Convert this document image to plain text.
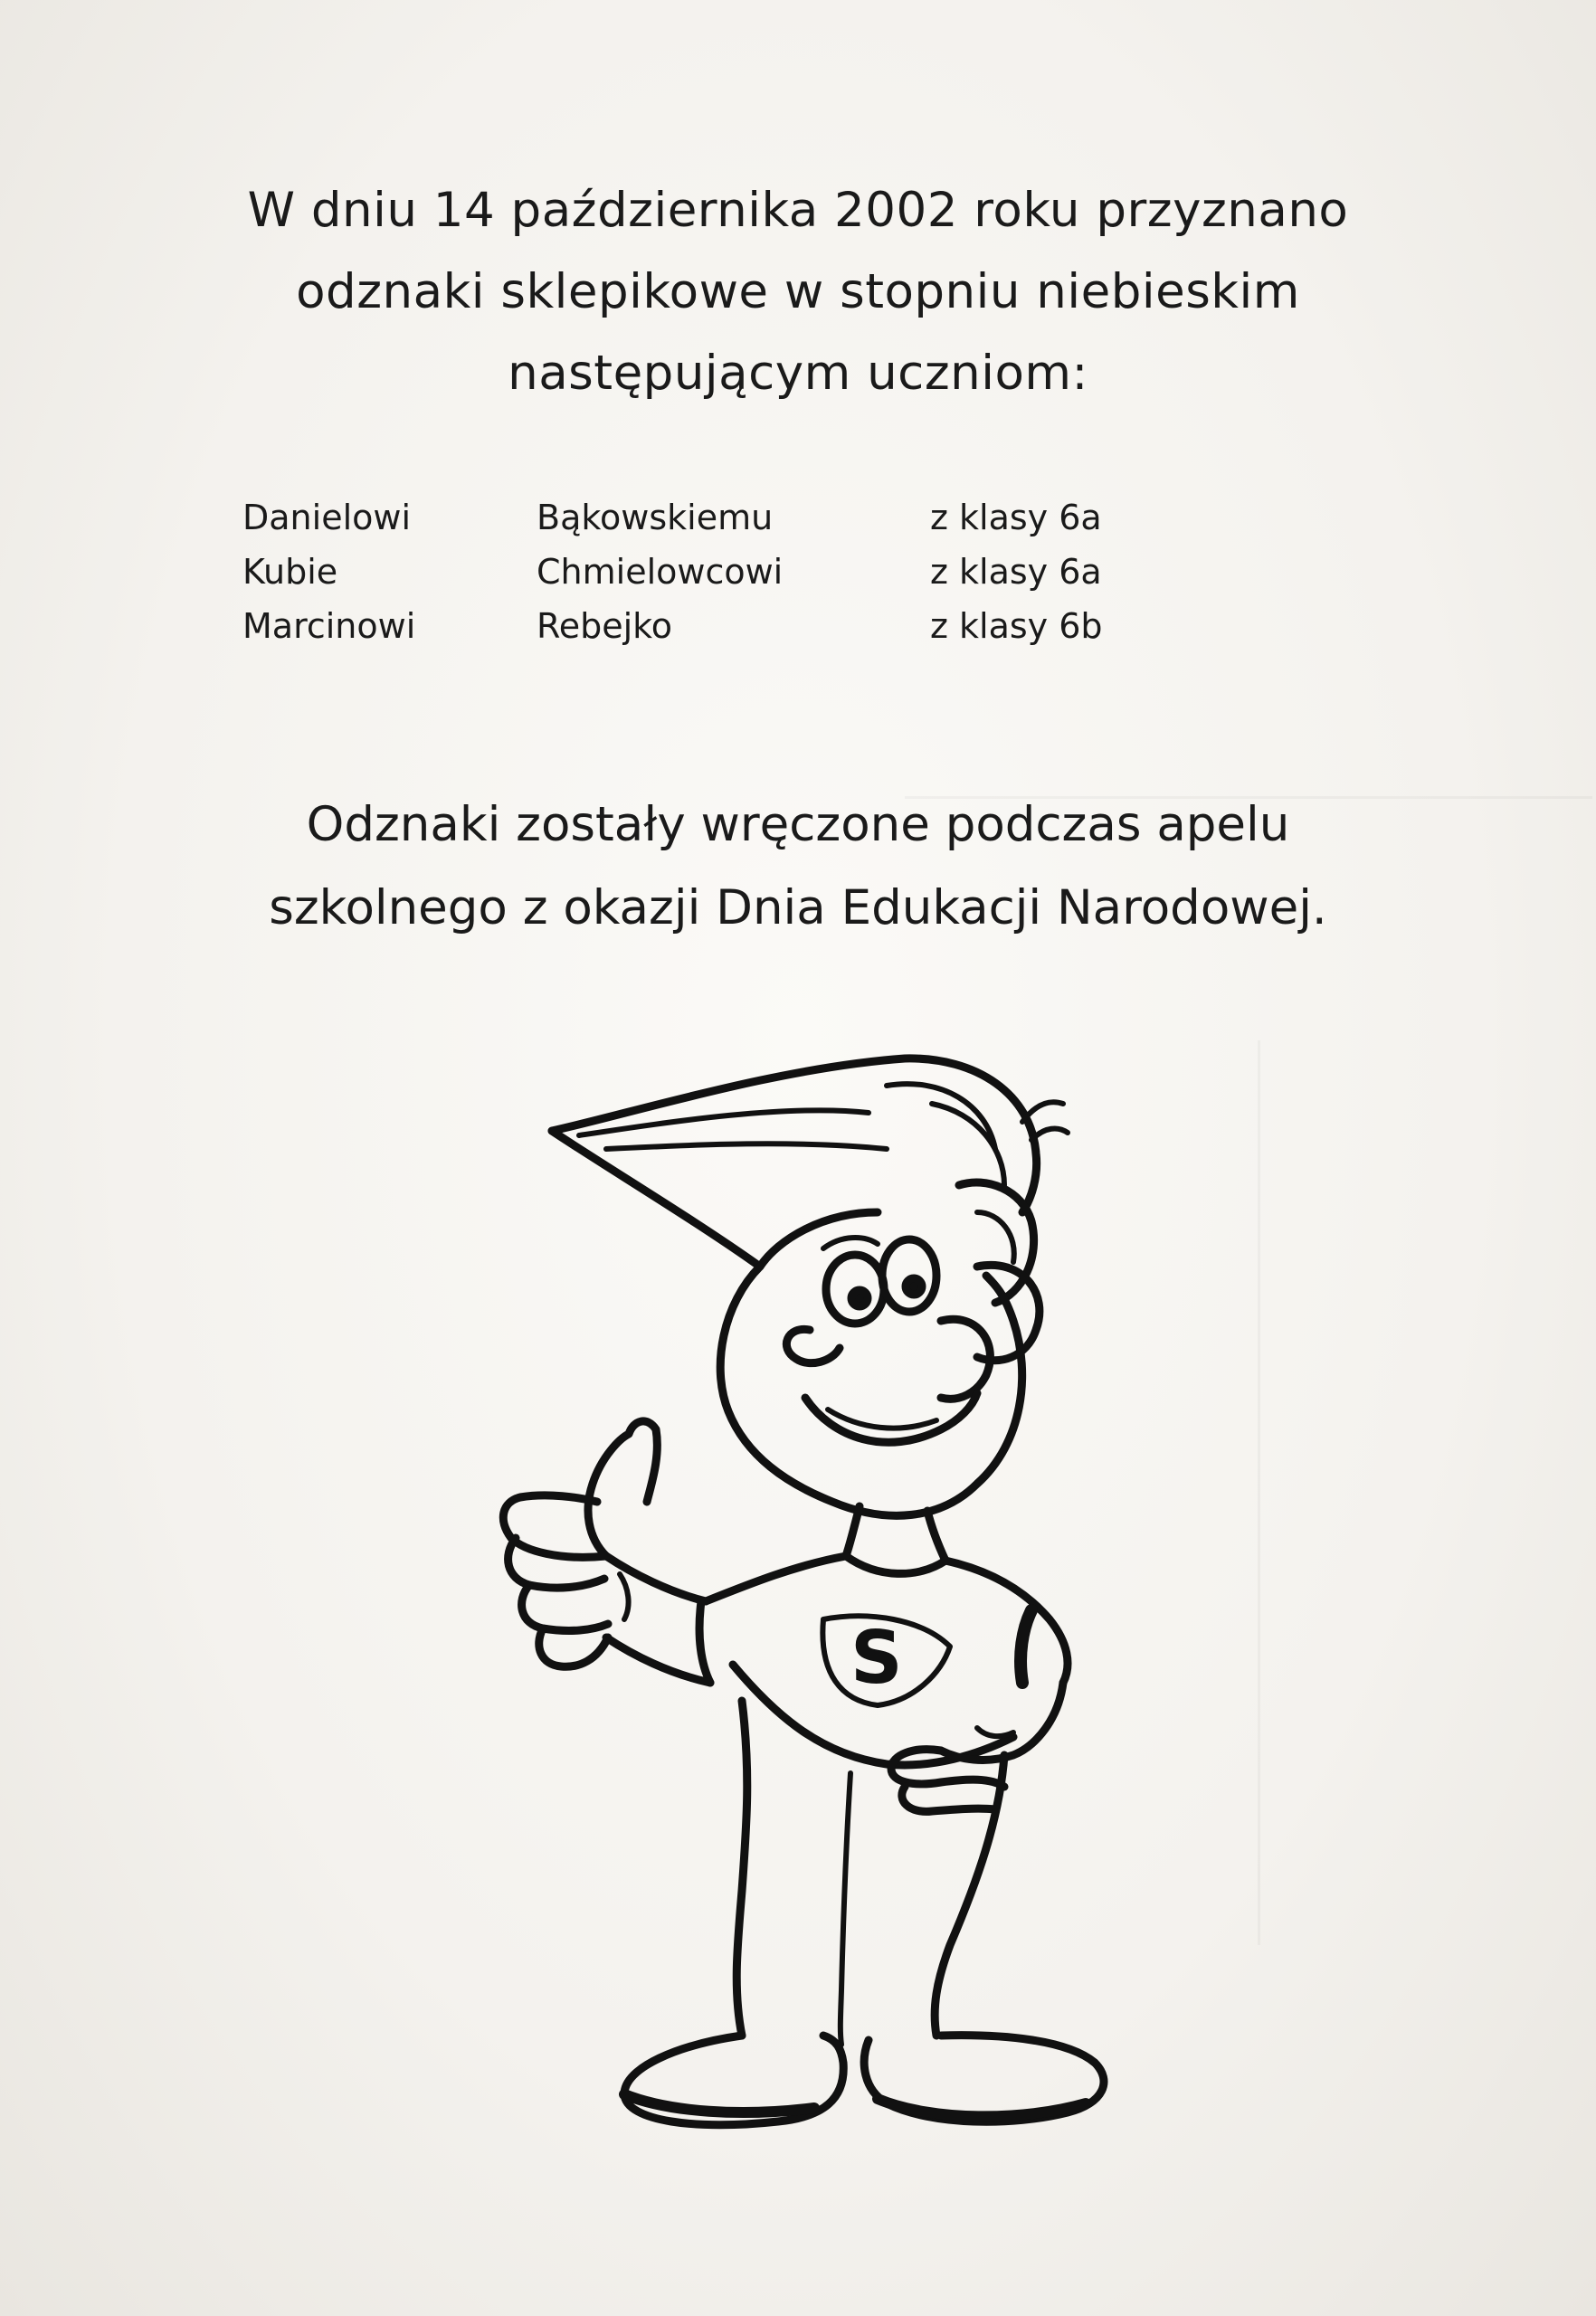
W dniu 14 października 2002 roku przyznano
odznaki sklepikowe w stopniu niebieskim
następującym uczniom:
Danielowi	Bąkowskiemu	z klasy 6a
Kubie	Chmielowcowi	z klasy 6a
Marcinowi	Rebejko	z klasy 6b
Odznaki zostały wręczone podczas apelu
szkolnego z okazji Dnia Edukacji Narodowej.
S
